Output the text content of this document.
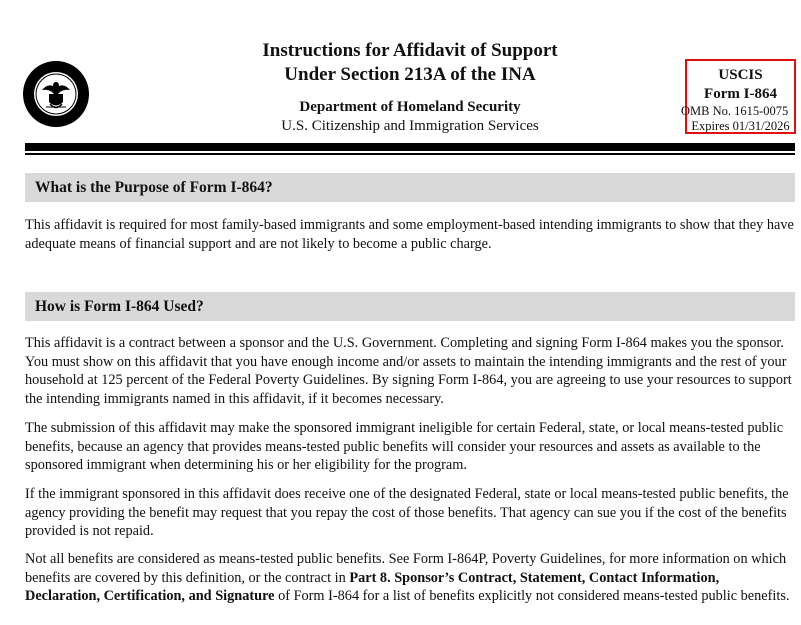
Instructions for Affidavit of Support
Under Section 213A of the INA
Department of Homeland Security
U.S. Citizenship and Immigration Services
USCIS
Form I-864
OMB No. 1615-0075
Expires 01/31/2026
What is the Purpose of Form I-864?
This affidavit is required for most family-based immigrants and some employment-based intending immigrants to show that they have adequate means of financial support and are not likely to become a public charge.
How is Form I-864 Used?
This affidavit is a contract between a sponsor and the U.S. Government. Completing and signing Form I-864 makes you the sponsor. You must show on this affidavit that you have enough income and/or assets to maintain the intending immigrants and the rest of your household at 125 percent of the Federal Poverty Guidelines. By signing Form I-864, you are agreeing to use your resources to support the intending immigrants named in this affidavit, if it becomes necessary.
The submission of this affidavit may make the sponsored immigrant ineligible for certain Federal, state, or local means-tested public benefits, because an agency that provides means-tested public benefits will consider your resources and assets as available to the sponsored immigrant when determining his or her eligibility for the program.
If the immigrant sponsored in this affidavit does receive one of the designated Federal, state or local means-tested public benefits, the agency providing the benefit may request that you repay the cost of those benefits. That agency can sue you if the cost of the benefits provided is not repaid.
Not all benefits are considered as means-tested public benefits. See Form I-864P, Poverty Guidelines, for more information on which benefits are covered by this definition, or the contract in Part 8. Sponsor’s Contract, Statement, Contact Information, Declaration, Certification, and Signature of Form I-864 for a list of benefits explicitly not considered means-tested public benefits.
